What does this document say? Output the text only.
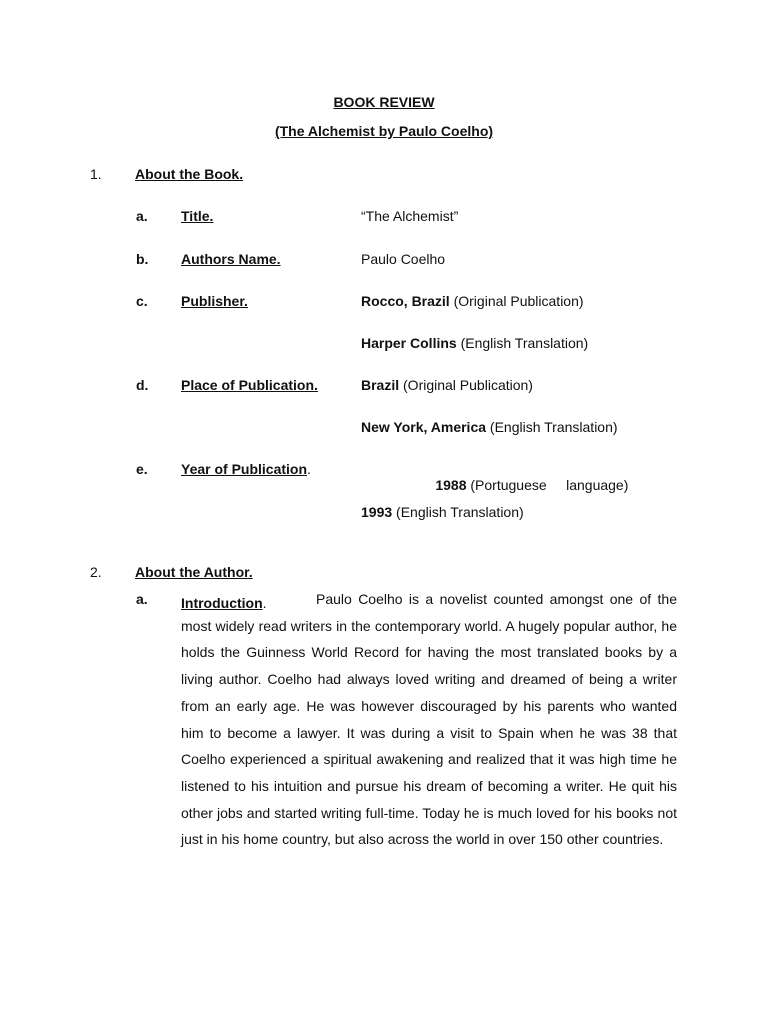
BOOK REVIEW
(The Alchemist by Paulo Coelho)
1. About the Book.
a. Title.	“The Alchemist”
b. Authors Name.	Paulo Coelho
c. Publisher.	Rocco, Brazil (Original Publication)
Harper Collins (English Translation)
d. Place of Publication.	Brazil (Original Publication)
New York, America (English Translation)
e. Year of Publication.

1988 (Portuguese     language)

1993 (English Translation)
2. About the Author.
a. Introduction.	Paulo Coelho is a novelist counted amongst one of the most widely read writers in the contemporary world. A hugely popular author, he holds the Guinness World Record for having the most translated books by a living author. Coelho had always loved writing and dreamed of being a writer from an early age. He was however discouraged by his parents who wanted him to become a lawyer. It was during a visit to Spain when he was 38 that Coelho experienced a spiritual awakening and realized that it was high time he listened to his intuition and pursue his dream of becoming a writer. He quit his other jobs and started writing full-time. Today he is much loved for his books not just in his home country, but also across the world in over 150 other countries.
